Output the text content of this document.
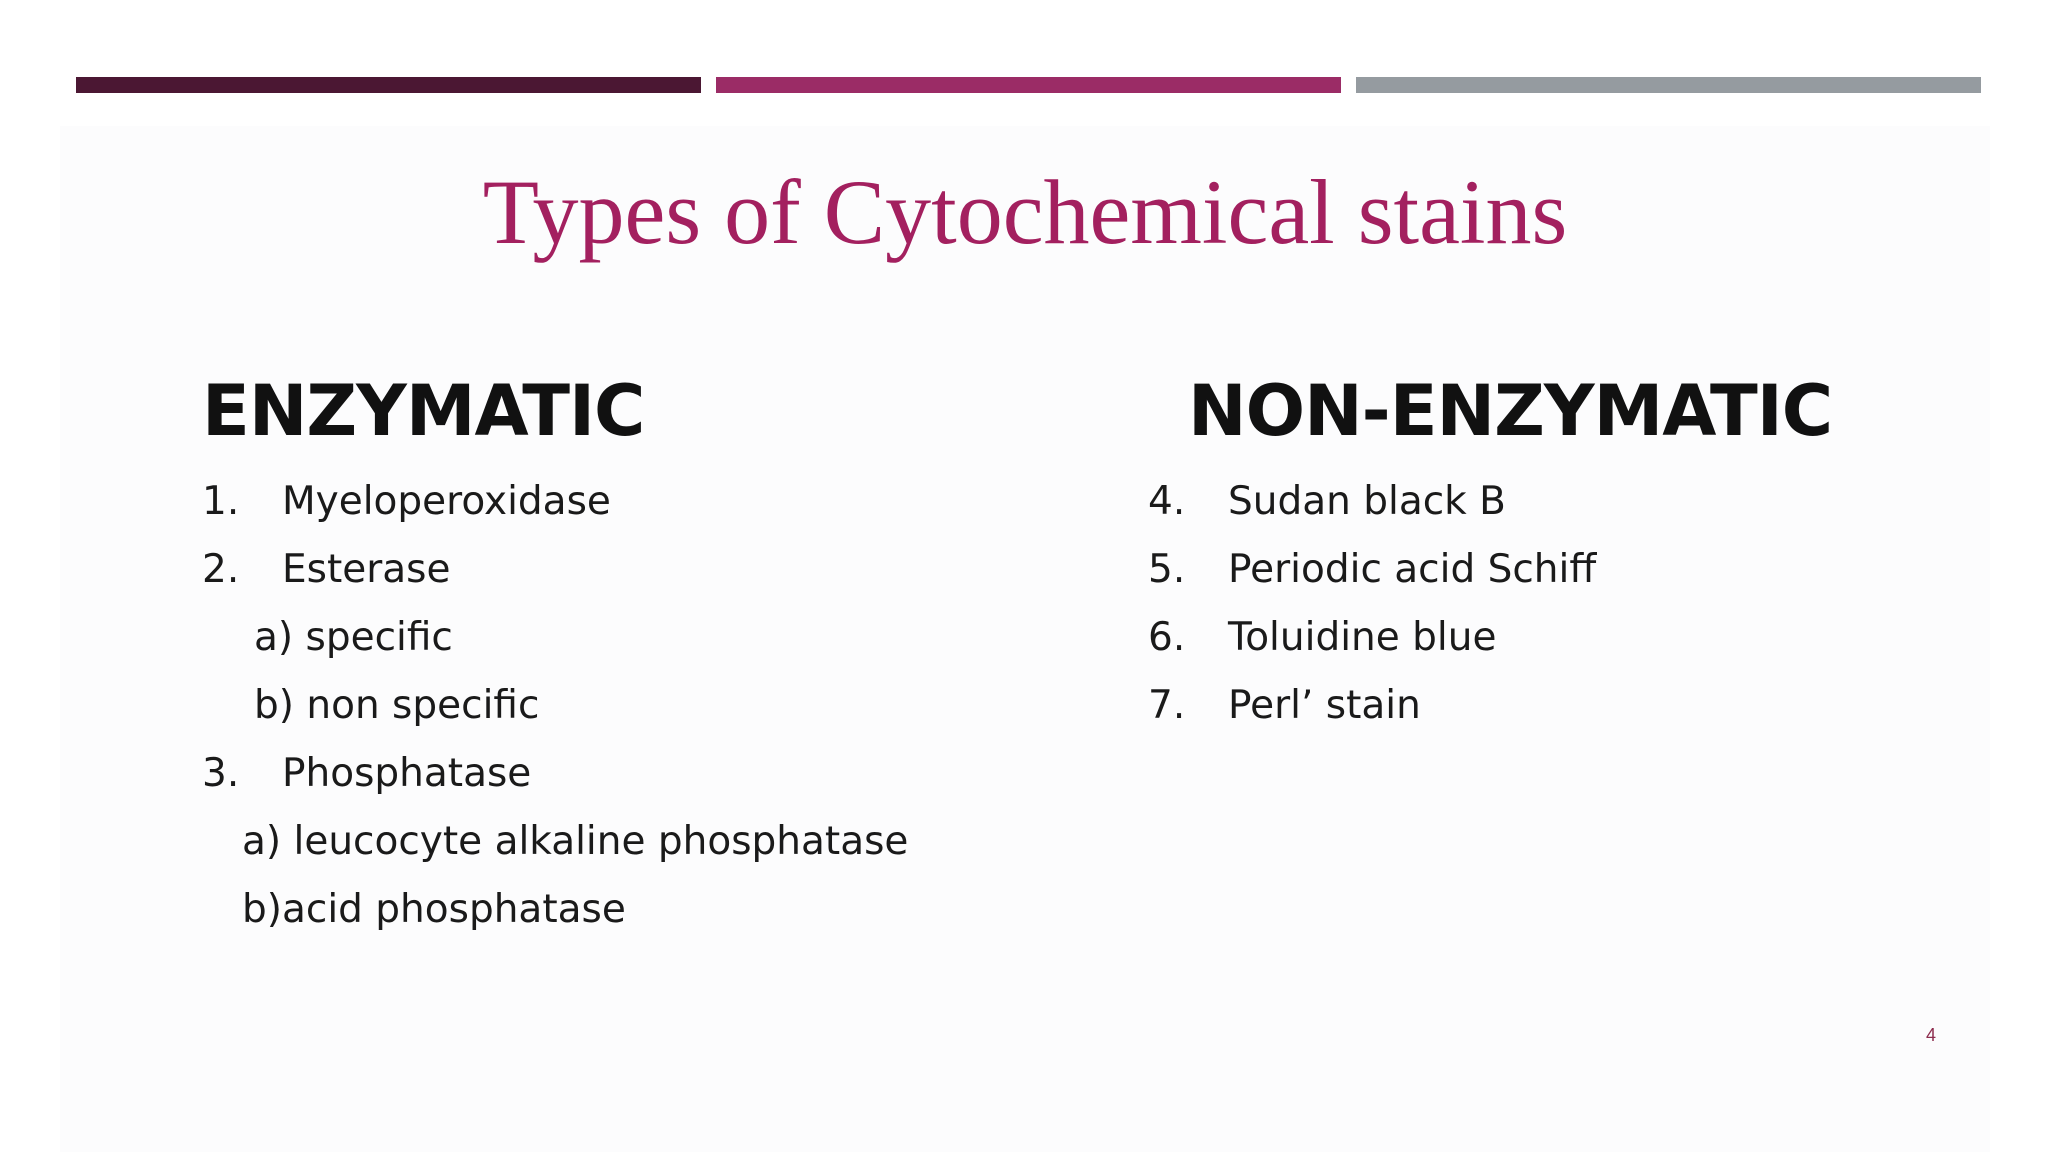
Types of Cytochemical stains
ENZYMATIC
1. Myeloperoxidase
2. Esterase
a) specific
b) non specific
3. Phosphatase
a) leucocyte alkaline phosphatase
b)acid phosphatase
NON-ENZYMATIC
4. Sudan black B
5. Periodic acid Schiff
6. Toluidine blue
7. Perl’ stain
4
